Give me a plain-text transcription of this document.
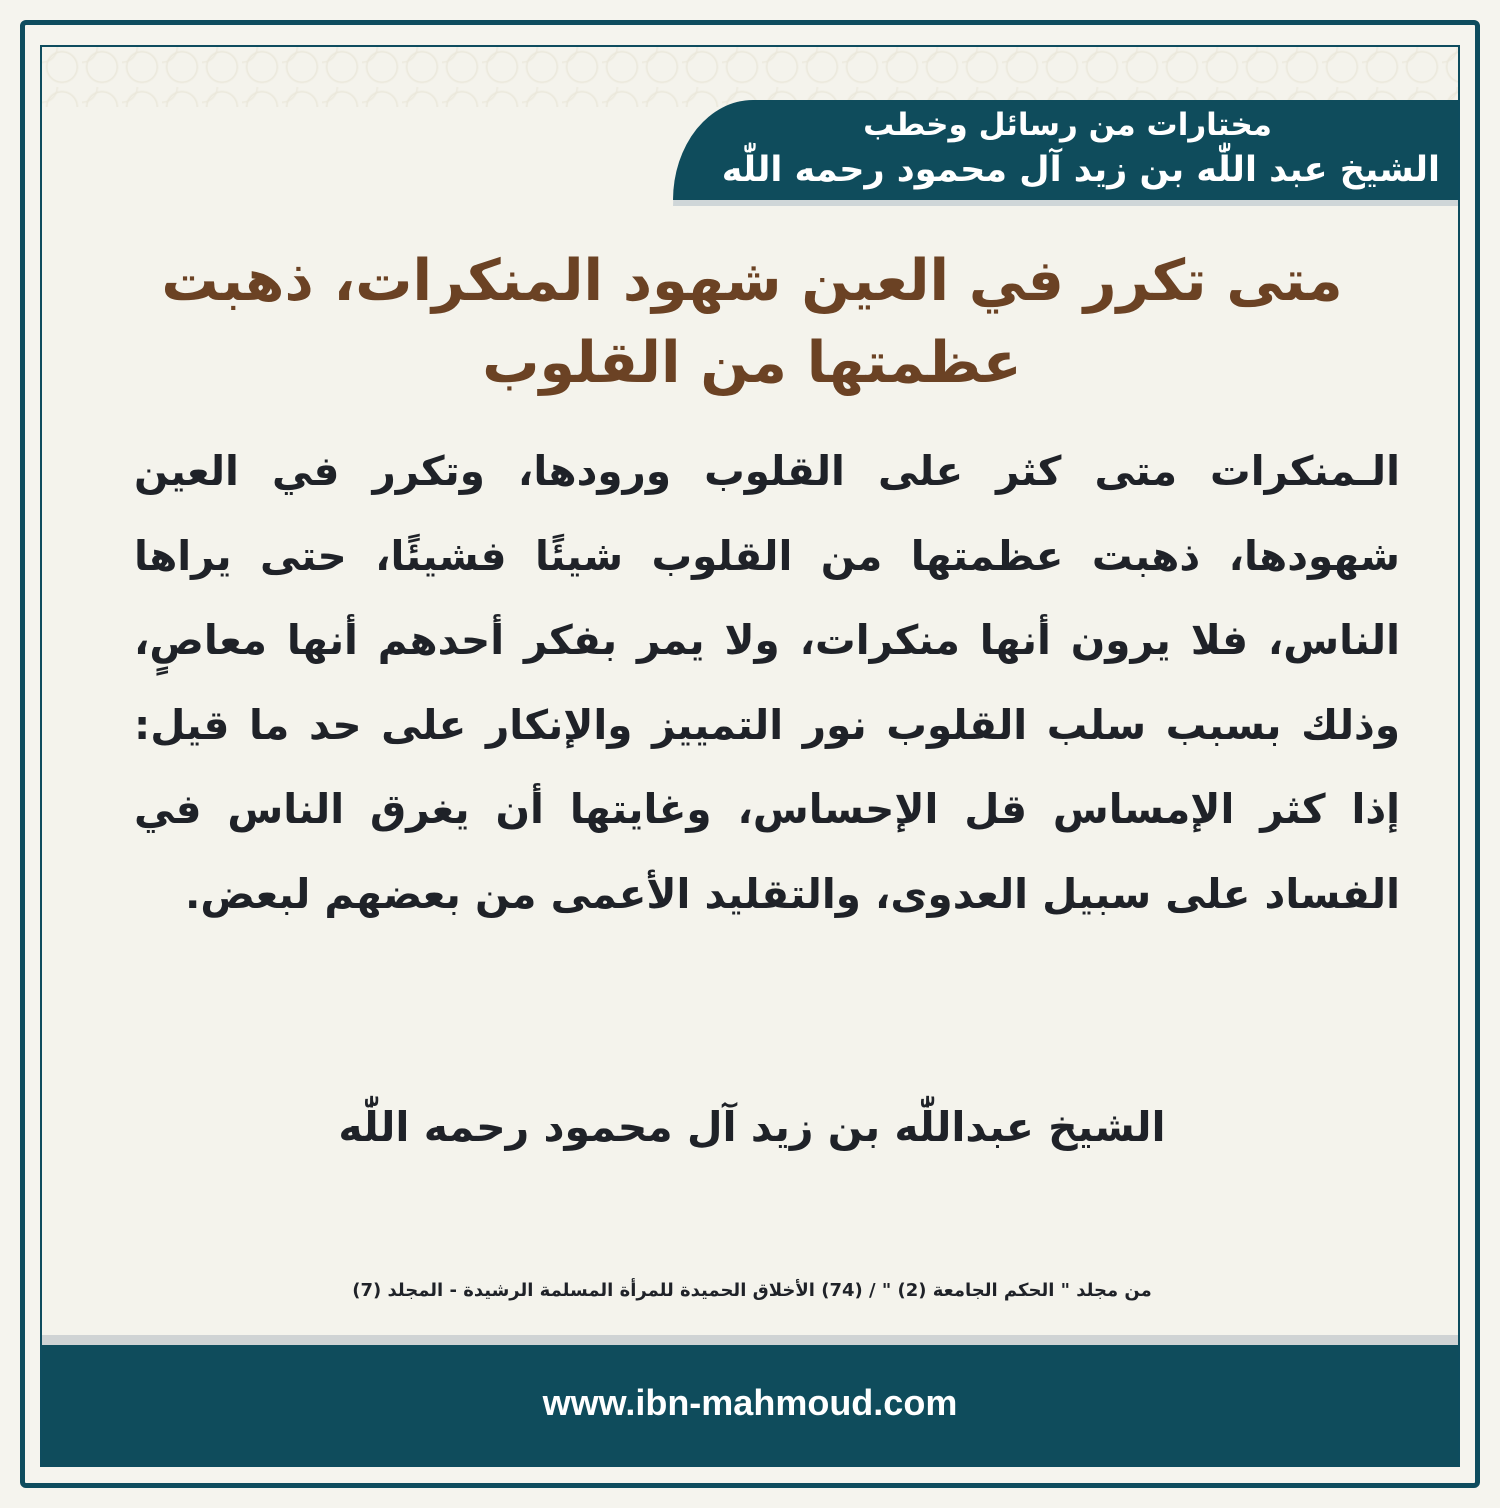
مختارات من رسائل وخطب
الشيخ عبد اللّٰه بن زيد آل محمود رحمه اللّٰه
متى تكرر في العين شهود المنكرات، ذهبت عظمتها من القلوب
الـمنكرات متى كثر على القلوب ورودها، وتكرر في العين شهودها، ذهبت عظمتها من القلوب شيئًا فشيئًا، حتى يراها الناس، فلا يرون أنها منكرات، ولا يمر بفكر أحدهم أنها معاصٍ، وذلك بسبب سلب القلوب نور التمييز والإنكار على حد ما قيل: إذا كثر الإمساس قل الإحساس، وغايتها أن يغرق الناس في الفساد على سبيل العدوى، والتقليد الأعمى من بعضهم لبعض.
الشيخ عبداللّٰه بن زيد آل محمود رحمه اللّٰه
من مجلد " الحكم الجامعة (2) " / (74) الأخلاق الحميدة للمرأة المسلمة الرشيدة - المجلد (7)
www.ibn-mahmoud.com
